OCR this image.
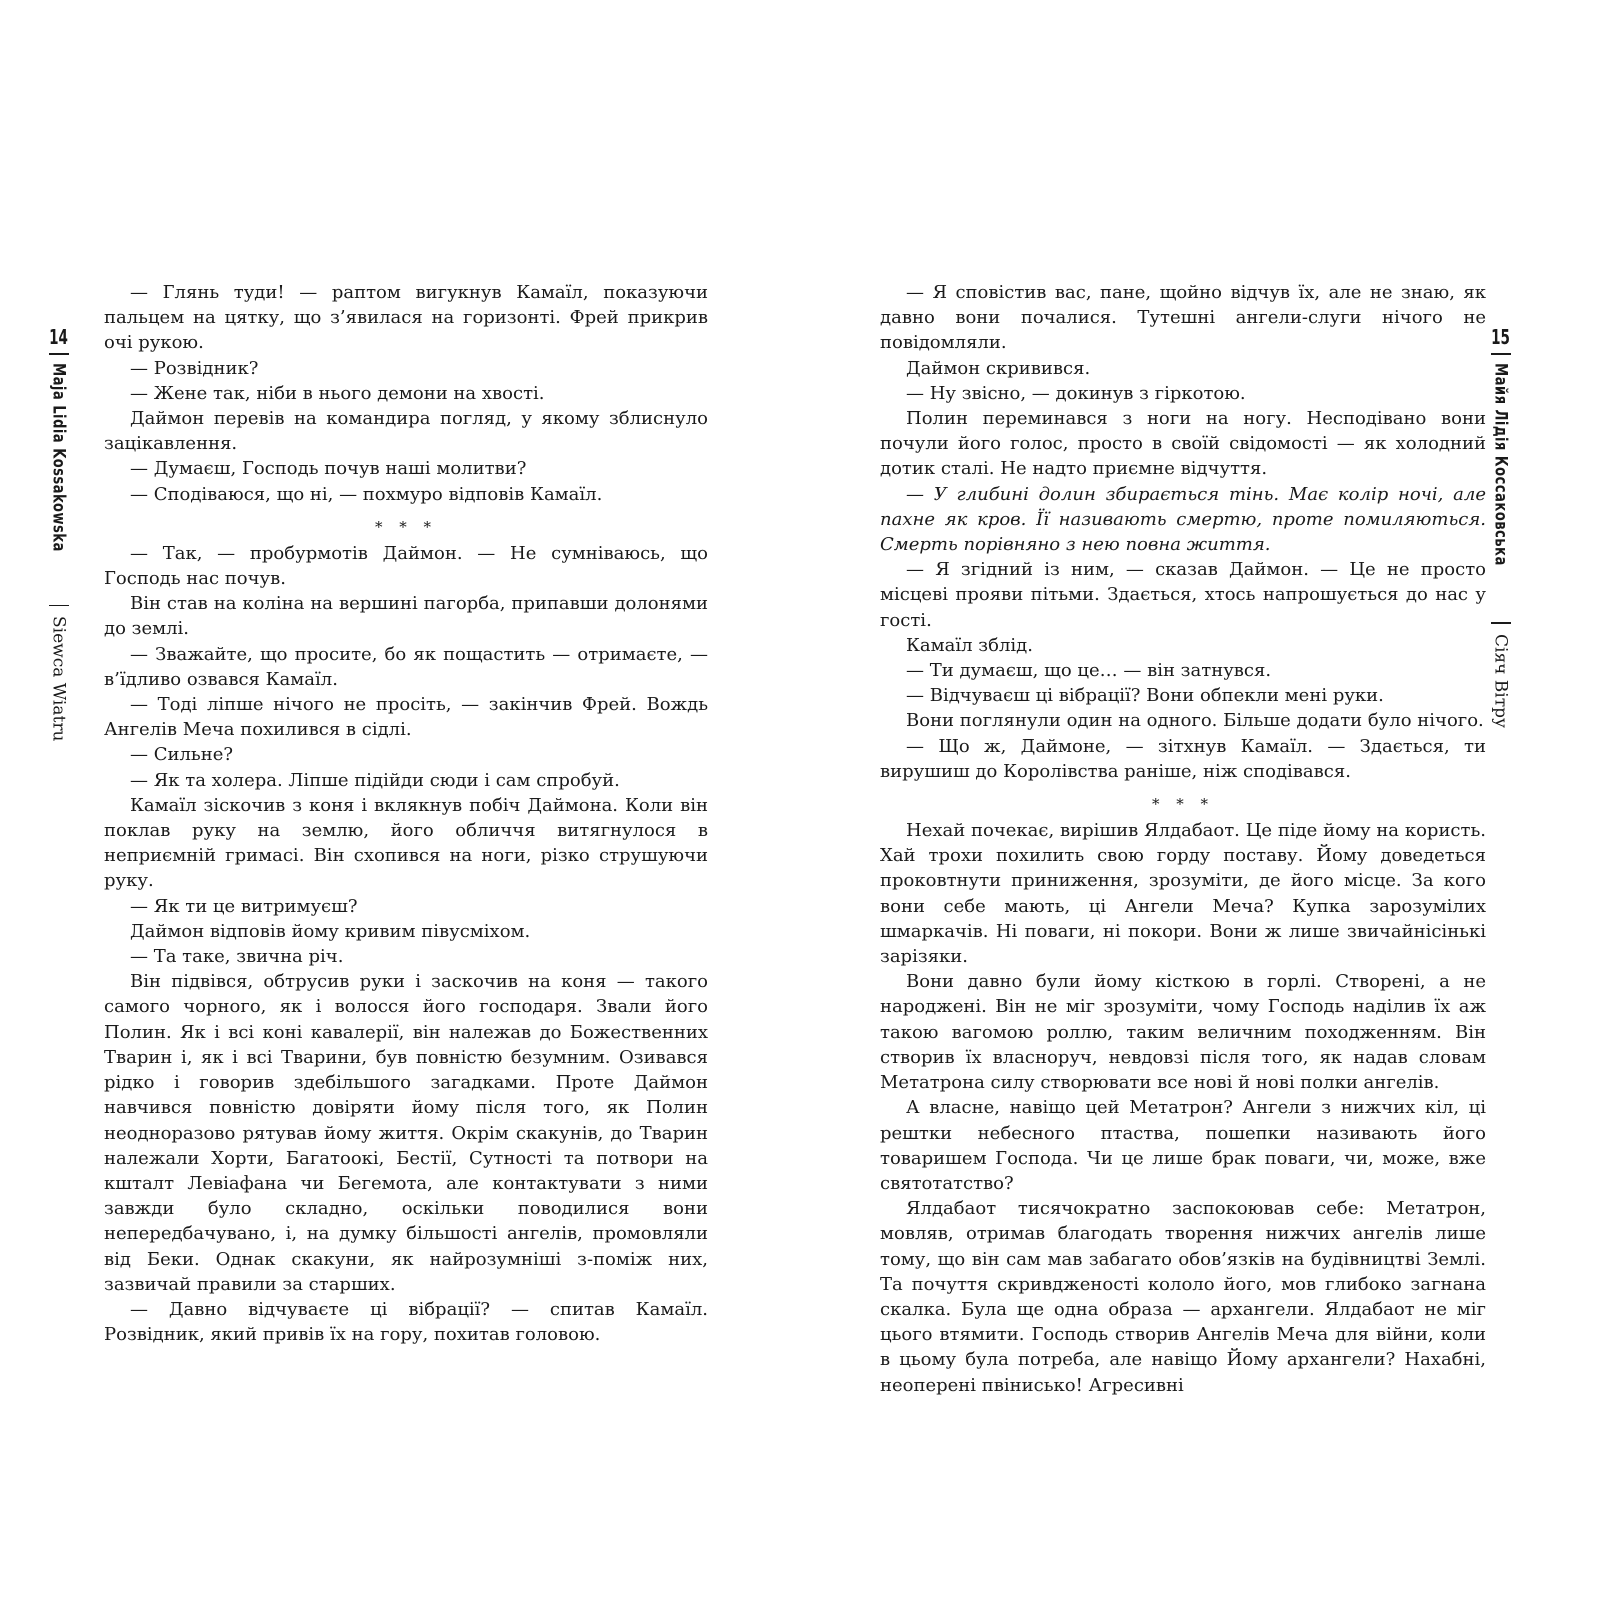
14
Maja Lidia Kossakowska
Siewca Wiatru

— Глянь туди! — раптом вигукнув Камаїл, показуючи пальцем на цятку, що з’явилася на горизонті. Фрей прикрив очі рукою.

— Розвідник?

— Жене так, ніби в нього демони на хвості.

Даймон перевів на командира погляд, у якому зблиснуло зацікавлення.

— Думаєш, Господь почув наші молитви?

— Сподіваюся, що ні, — похмуро відповів Камаїл.

* * *

— Так, — пробурмотів Даймон. — Не сумніваюсь, що Господь нас почув.

Він став на коліна на вершині пагорба, припавши долонями до землі.

— Зважайте, що просите, бо як пощастить — отримаєте, — в’їдливо озвався Камаїл.

— Тоді ліпше нічого не просіть, — закінчив Фрей. Вождь Ангелів Меча похилився в сідлі.

— Сильне?

— Як та холера. Ліпше підійди сюди і сам спробуй.

Камаїл зіскочив з коня і вклякнув побіч Даймона. Коли він поклав руку на землю, його обличчя витягнулося в неприємній гримасі. Він схопився на ноги, різко струшуючи руку.

— Як ти це витримуєш?

Даймон відповів йому кривим півусміхом.

— Та таке, звична річ.

Він підвівся, обтрусив руки і заскочив на коня — такого самого чорного, як і волосся його господаря. Звали його Полин. Як і всі коні кавалерії, він належав до Божественних Тварин і, як і всі Тварини, був повністю безумним. Озивався рідко і говорив здебільшого загадками. Проте Даймон навчився повністю довіряти йому після того, як Полин неодноразово рятував йому життя. Окрім скакунів, до Тварин належали Хорти, Багатоокі, Бестії, Сутності та потвори на кшталт Левіафана чи Бегемота, але контактувати з ними завжди було складно, оскільки поводилися вони непередбачувано, і, на думку більшості ангелів, промовляли від Беки. Однак скакуни, як найрозумніші з-поміж них, зазвичай правили за старших.

— Давно відчуваєте ці вібрації? — спитав Камаїл. Розвідник, який привів їх на гору, похитав головою.

— Я сповістив вас, пане, щойно відчув їх, але не знаю, як давно вони почалися. Тутешні ангели-слуги нічого не повідомляли.

Даймон скривився.

— Ну звісно, — докинув з гіркотою.

Полин переминався з ноги на ногу. Несподівано вони почули його голос, просто в своїй свідомості — як холодний дотик сталі. Не надто приємне відчуття.

— У глибині долин збирається тінь. Має колір ночі, але пахне як кров. Її називають смертю, проте помиляються. Смерть порівняно з нею повна життя.

— Я згідний із ним, — сказав Даймон. — Це не просто місцеві прояви пітьми. Здається, хтось напрошується до нас у гості.

Камаїл зблід.

— Ти думаєш, що це… — він затнувся.

— Відчуваєш ці вібрації? Вони обпекли мені руки.

Вони поглянули один на одного. Більше додати було нічого.

— Що ж, Даймоне, — зітхнув Камаїл. — Здається, ти вирушиш до Королівства раніше, ніж сподівався.

* * *

Нехай почекає, вирішив Ялдабаот. Це піде йому на користь. Хай трохи похилить свою горду поставу. Йому доведеться проковтнути приниження, зрозуміти, де його місце. За кого вони себе мають, ці Ангели Меча? Купка зарозумілих шмаркачів. Ні поваги, ні покори. Вони ж лише звичайнісінькі зарізяки.

Вони давно були йому кісткою в горлі. Створені, а не народжені. Він не міг зрозуміти, чому Господь наділив їх аж такою вагомою роллю, таким величним походженням. Він створив їх власноруч, невдовзі після того, як надав словам Метатрона силу створювати все нові й нові полки ангелів.

А власне, навіщо цей Метатрон? Ангели з нижчих кіл, ці рештки небесного птаства, пошепки називають його товаришем Господа. Чи це лише брак поваги, чи, може, вже святотатство?

Ялдабаот тисячократно заспокоював себе: Метатрон, мовляв, отримав благодать творення нижчих ангелів лише тому, що він сам мав забагато обов’язків на будівництві Землі. Та почуття скривдженості кололо його, мов глибоко загнана скалка. Була ще одна образа — архангели. Ялдабаот не міг цього втямити. Господь створив Ангелів Меча для війни, коли в цьому була потреба, але навіщо Йому архангели? Нахабні, неоперені пвінисько! Агресивні

15
Майя Лідія Коссаковська
Сіяч Вітру
